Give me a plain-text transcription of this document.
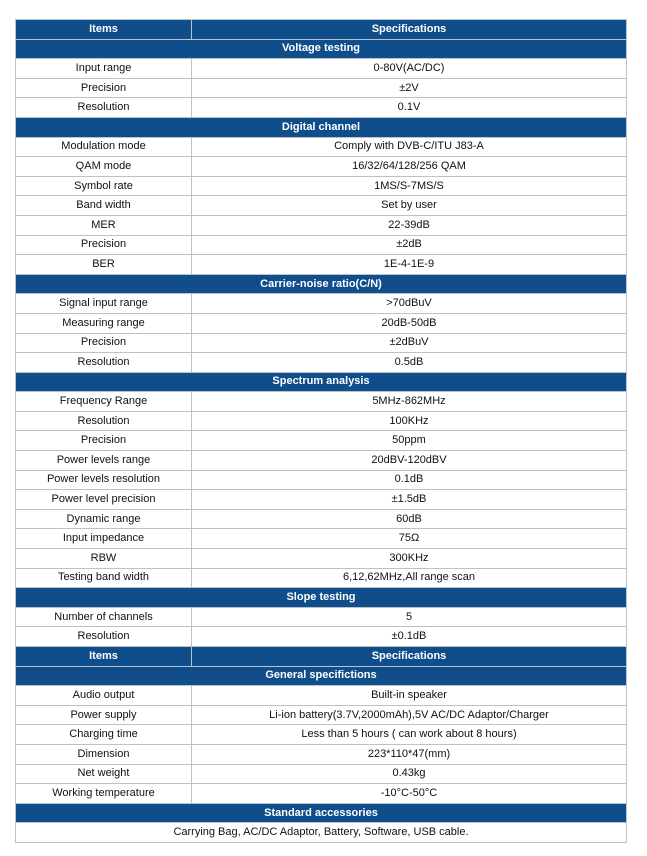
Items	Specifications
Voltage testing	
Input range	0-80V(AC/DC)
Precision	±2V
Resolution	0.1V
Digital channel	
Modulation mode	Comply with DVB-C/ITU J83-A
QAM mode	16/32/64/128/256 QAM
Symbol rate	1MS/S-7MS/S
Band width	Set by user
MER	22-39dB
Precision	±2dB
BER	1E-4-1E-9
Carrier-noise ratio(C/N)	
Signal input range	>70dBuV
Measuring range	20dB-50dB
Precision	±2dBuV
Resolution	0.5dB
Spectrum analysis	
Frequency Range	5MHz-862MHz
Resolution	100KHz
Precision	50ppm
Power levels range	20dBV-120dBV
Power levels resolution	0.1dB
Power level precision	±1.5dB
Dynamic range	60dB
Input impedance	75Ω
RBW	300KHz
Testing band width	6,12,62MHz,All range scan
Slope testing	
Number of channels	5
Resolution	±0.1dB
Items	Specifications
General specifictions	
Audio output	Built-in speaker
Power supply	Li-ion battery(3.7V,2000mAh),5V AC/DC Adaptor/Charger
Charging time	Less than 5 hours ( can work about 8 hours)
Dimension	223*110*47(mm)
Net weight	0.43kg
Working temperature	-10°C-50°C
Standard accessories	
Carrying Bag, AC/DC Adaptor, Battery, Software, USB cable.	
